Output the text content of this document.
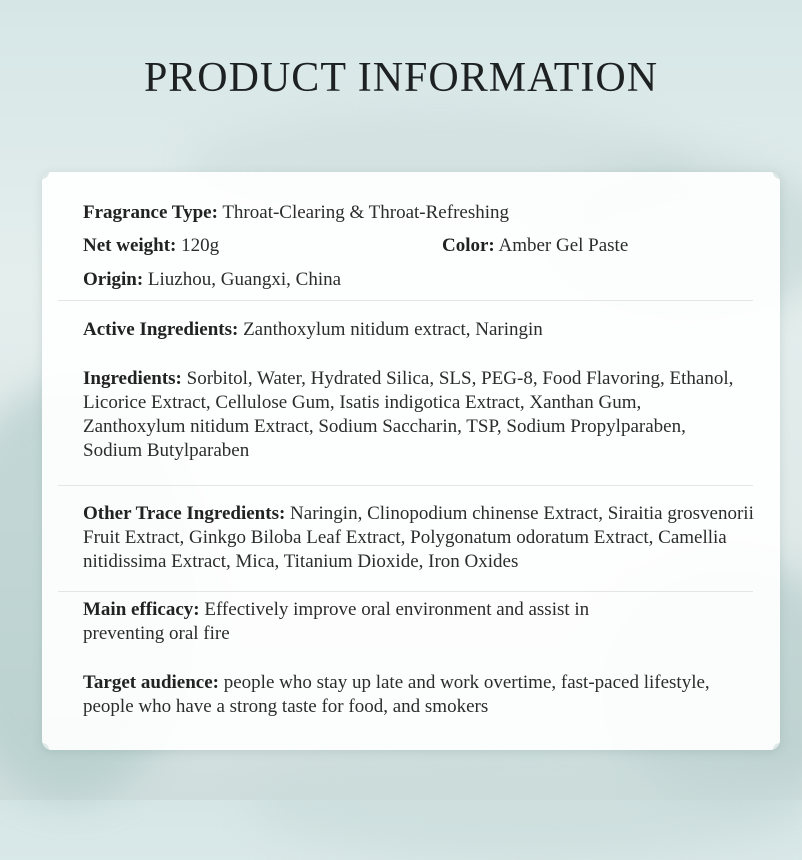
PRODUCT INFORMATION
Fragrance Type: Throat-Clearing & Throat-Refreshing
Net weight: 120g	Color: Amber Gel Paste
Origin: Liuzhou, Guangxi, China
Active Ingredients: Zanthoxylum nitidum extract, Naringin
Ingredients: Sorbitol, Water, Hydrated Silica, SLS, PEG-8, Food Flavoring, Ethanol, Licorice Extract, Cellulose Gum, Isatis indigotica Extract, Xanthan Gum, Zanthoxylum nitidum Extract, Sodium Saccharin, TSP, Sodium Propylparaben, Sodium Butylparaben
Other Trace Ingredients: Naringin, Clinopodium chinense Extract, Siraitia grosvenorii Fruit Extract, Ginkgo Biloba Leaf Extract, Polygonatum odoratum Extract, Camellia nitidissima Extract, Mica, Titanium Dioxide, Iron Oxides
Main efficacy: Effectively improve oral environment and assist in preventing oral fire
Target audience: people who stay up late and work overtime, fast-paced lifestyle, people who have a strong taste for food, and smokers
